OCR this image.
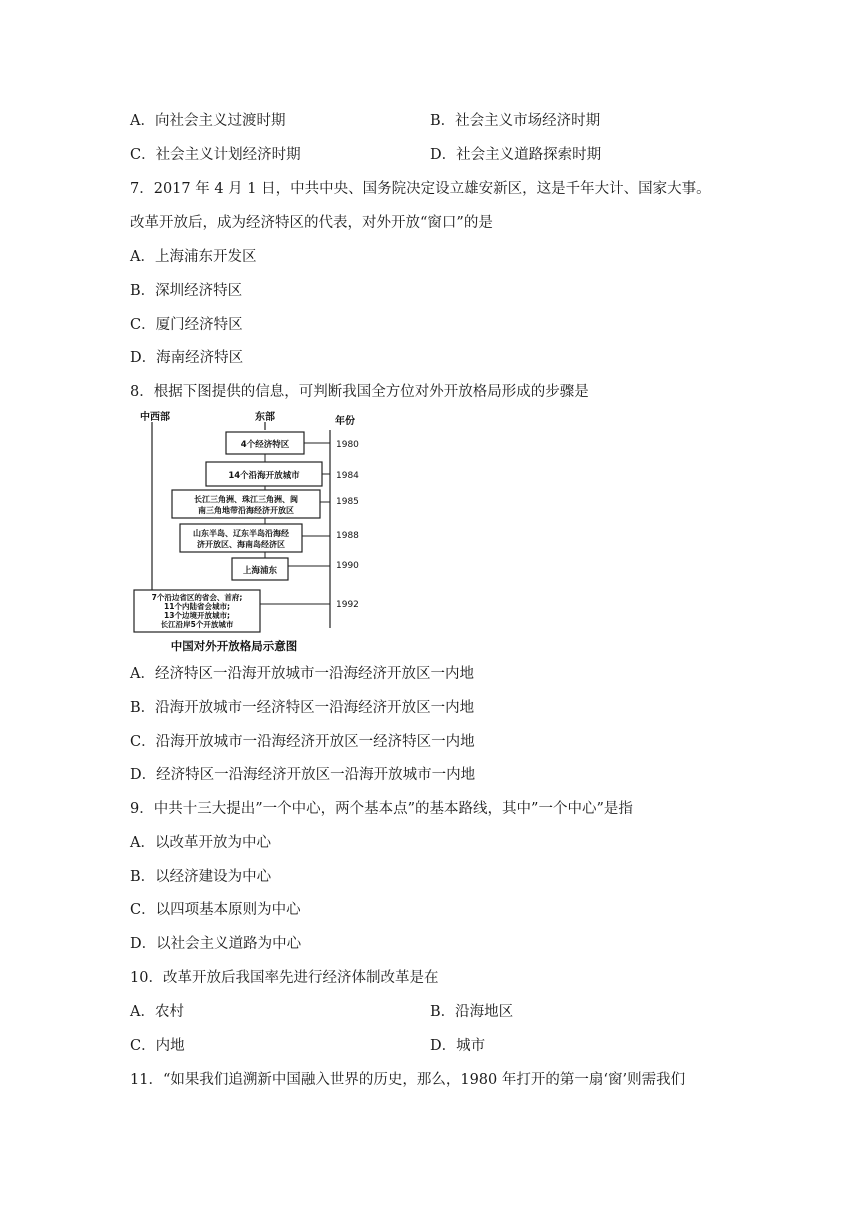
A．向社会主义过渡时期	B．社会主义市场经济时期
C．社会主义计划经济时期	D．社会主义道路探索时期
7．2017 年 4 月 1 日，中共中央、国务院决定设立雄安新区，这是千年大计、国家大事。
改革开放后，成为经济特区的代表，对外开放“窗口”的是
A．上海浦东开发区
B．深圳经济特区
C．厦门经济特区
D．海南经济特区
8．根据下图提供的信息，可判断我国全方位对外开放格局形成的步骤是
中西部	东部	年份
4个经济特区
14个沿海开放城市
长江三角洲、珠江三角洲、闽
南三角地带沿海经济开放区
山东半岛、辽东半岛沿海经
济开放区、海南岛经济区
上海浦东
7个沿边省区的省会、首府;
11个内陆省会城市;
13个边境开放城市;
长江沿岸5个开放城市
1980
1984
1985
1988
1990
1992
中国对外开放格局示意图
A．经济特区一沿海开放城市一沿海经济开放区一内地
B．沿海开放城市一经济特区一沿海经济开放区一内地
C．沿海开放城市一沿海经济开放区一经济特区一内地
D．经济特区一沿海经济开放区一沿海开放城市一内地
9．中共十三大提出”一个中心，两个基本点”的基本路线，其中”一个中心”是指
A．以改革开放为中心
B．以经济建设为中心
C．以四项基本原则为中心
D．以社会主义道路为中心
10．改革开放后我国率先进行经济体制改革是在
A．农村	B．沿海地区
C．内地	D．城市
11．“如果我们追溯新中国融入世界的历史，那么，1980 年打开的第一扇‘窗’则需我们
